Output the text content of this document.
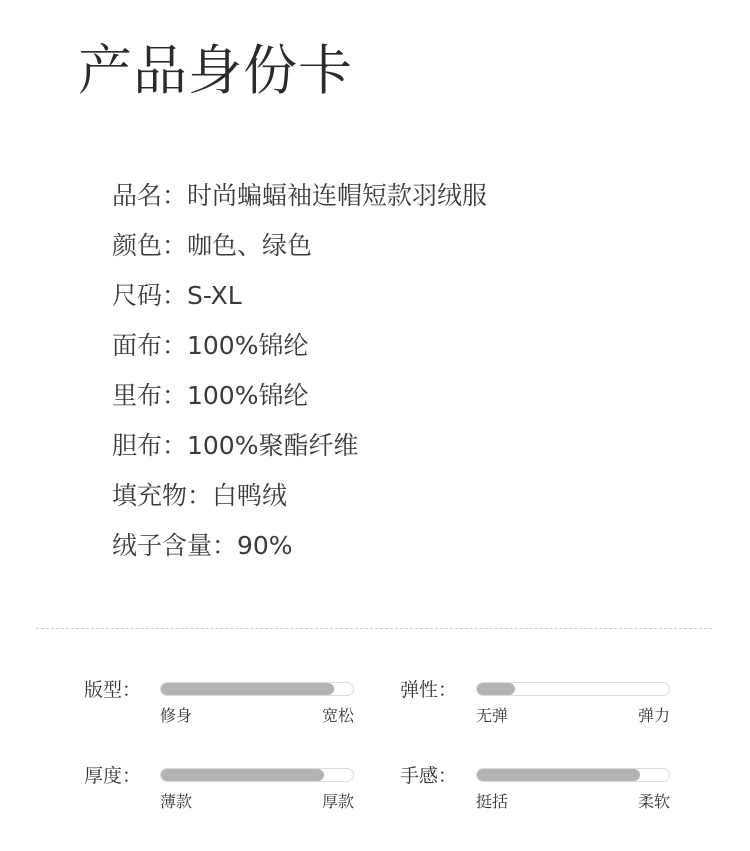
产品身份卡
品名：时尚蝙蝠袖连帽短款羽绒服
颜色：咖色、绿色
尺码：S-XL
面布：100%锦纶
里布：100%锦纶
胆布：100%聚酯纤维
填充物：白鸭绒
绒子含量：90%
版型：
修身	宽松
弹性：
无弹	弹力
厚度：
薄款	厚款
手感：
挺括	柔软
